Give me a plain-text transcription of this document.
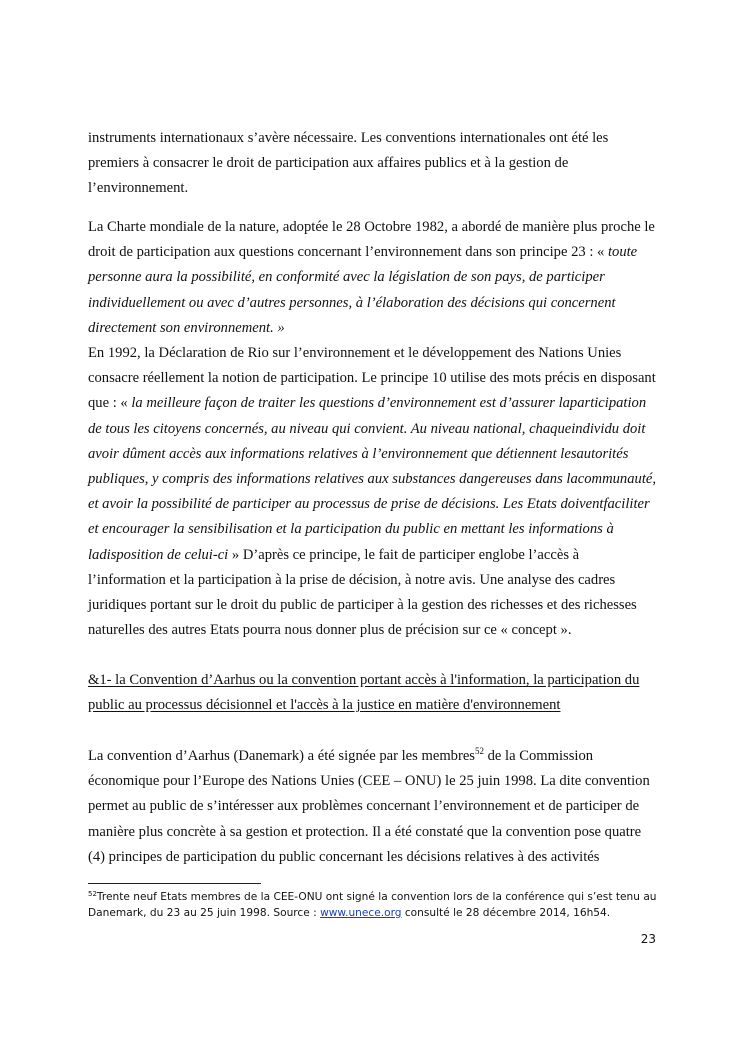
instruments internationaux s’avère nécessaire. Les conventions internationales ont été les premiers à consacrer le droit de participation aux affaires publics et à la gestion de l’environnement.

La Charte mondiale de la nature, adoptée le 28 Octobre 1982, a abordé de manière plus proche le droit de participation aux questions concernant l’environnement dans son principe 23 : « toute personne aura la possibilité, en conformité avec la législation de son pays, de participer individuellement ou avec d’autres personnes, à l’élaboration des décisions qui concernent directement son environnement. »

En 1992, la Déclaration de Rio sur l’environnement et le développement des Nations Unies consacre réellement la notion de participation. Le principe 10 utilise des mots précis en disposant que : « la meilleure façon de traiter les questions d’environnement est d’assurer laparticipation de tous les citoyens concernés, au niveau qui convient. Au niveau national, chaqueindividu doit avoir dûment accès aux informations relatives à l’environnement que détiennent lesautorités publiques, y compris des informations relatives aux substances dangereuses dans lacommunauté, et avoir la possibilité de participer au processus de prise de décisions. Les Etats doiventfaciliter et encourager la sensibilisation et la participation du public en mettant les informations à ladisposition de celui-ci » D’après ce principe, le fait de participer englobe l’accès à l’information et la participation à la prise de décision, à notre avis. Une analyse des cadres juridiques portant sur le droit du public de participer à la gestion des richesses et des richesses naturelles des autres Etats pourra nous donner plus de précision sur ce « concept ».

&1- la Convention d’Aarhus ou la convention portant accès à l'information, la participation du public au processus décisionnel et l'accès à la justice en matière d'environnement

La convention d’Aarhus (Danemark) a été signée par les membres$^{52}$ de la Commission économique pour l’Europe des Nations Unies (CEE – ONU) le 25 juin 1998. La dite convention permet au public de s’intéresser aux problèmes concernant l’environnement et de participer de manière plus concrète à sa gestion et protection. Il a été constaté que la convention pose quatre (4) principes de participation du public concernant les décisions relatives à des activités

$^{52}$Trente neuf Etats membres de la CEE-ONU ont signé la convention lors de la conférence qui s’est tenu au Danemark, du 23 au 25 juin 1998. Source : www.unece.org consulté le 28 décembre 2014, 16h54.
23
